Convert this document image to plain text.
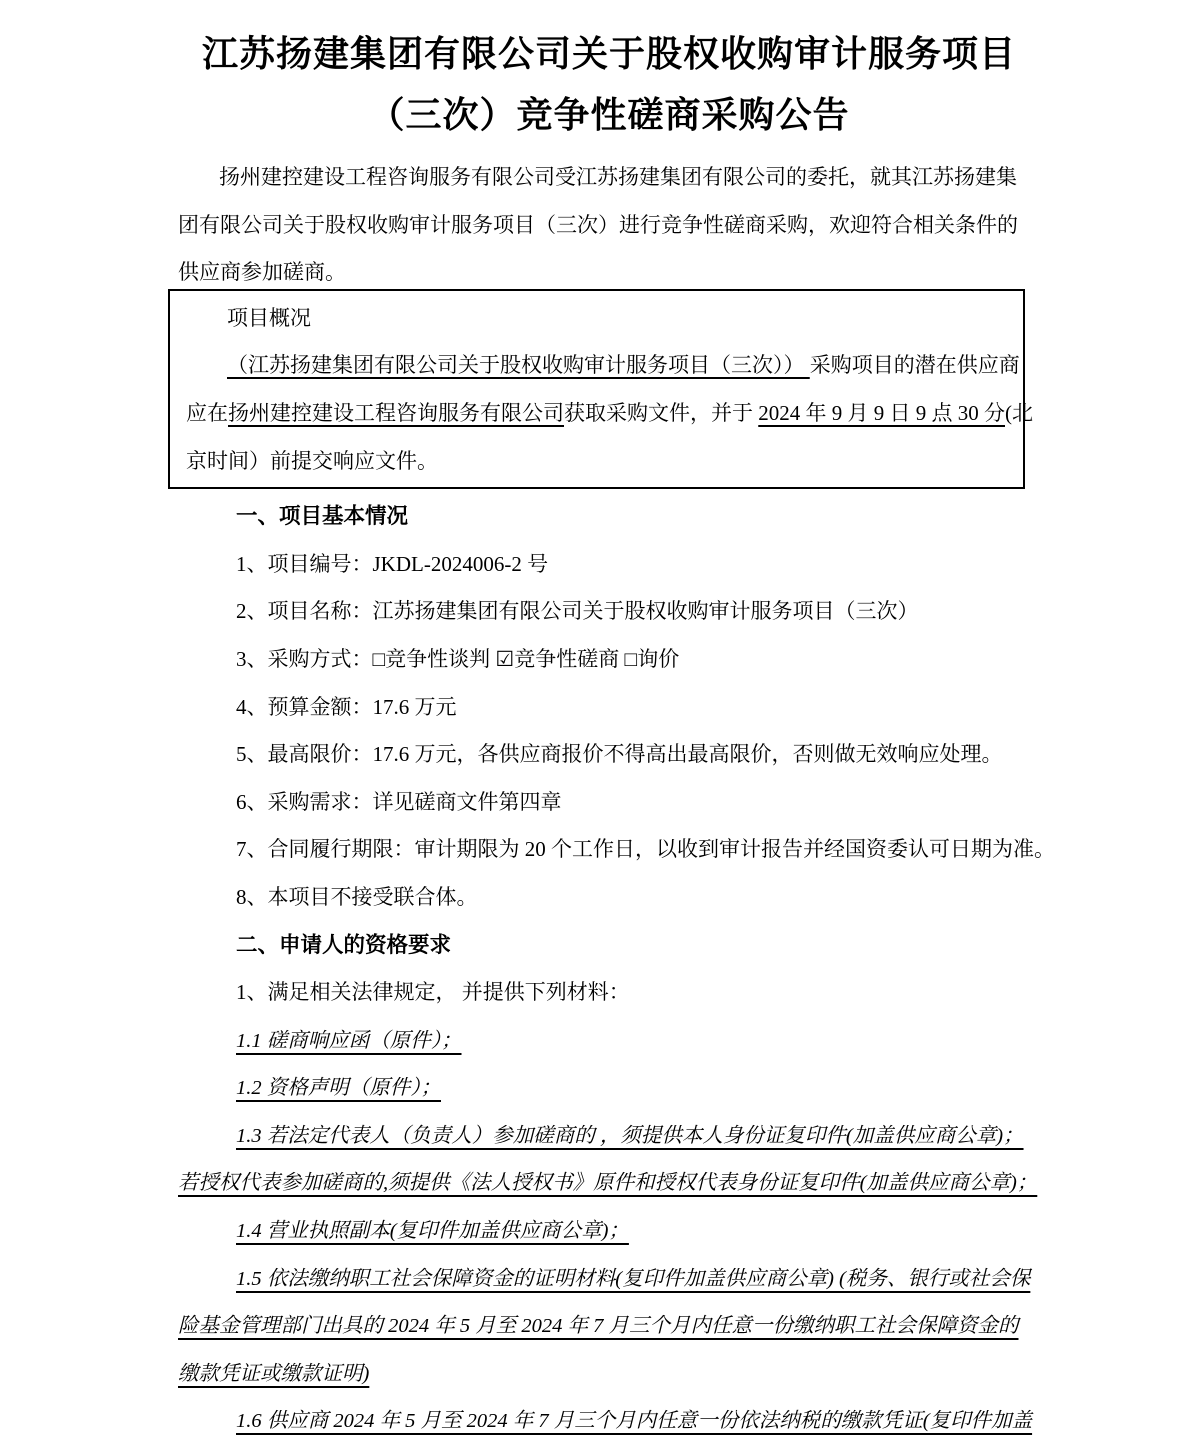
江苏扬建集团有限公司关于股权收购审计服务项目
（三次）竞争性磋商采购公告
扬州建控建设工程咨询服务有限公司受江苏扬建集团有限公司的委托，就其江苏扬建集
团有限公司关于股权收购审计服务项目（三次）进行竞争性磋商采购，欢迎符合相关条件的
供应商参加磋商。
项目概况
（江苏扬建集团有限公司关于股权收购审计服务项目（三次）） 采购项目的潜在供应商
应在扬州建控建设工程咨询服务有限公司获取采购文件，并于 2024 年 9 月 9 日 9 点 30 分(北
京时间）前提交响应文件。
一、项目基本情况
1、项目编号：JKDL-2024006-2 号
2、项目名称：江苏扬建集团有限公司关于股权收购审计服务项目（三次）
3、采购方式：□竞争性谈判 ☑竞争性磋商 □询价
4、预算金额：17.6 万元
5、最高限价：17.6 万元，各供应商报价不得高出最高限价，否则做无效响应处理。
6、采购需求：详见磋商文件第四章
7、合同履行期限：审计期限为 20 个工作日，以收到审计报告并经国资委认可日期为准。
8、本项目不接受联合体。
二、申请人的资格要求
1、满足相关法律规定， 并提供下列材料：
1.1 磋商响应函（原件）；
1.2 资格声明（原件）；
1.3 若法定代表人（负责人）参加磋商的 ，须提供本人身份证复印件(加盖供应商公章)；
若授权代表参加磋商的,须提供《法人授权书》原件和授权代表身份证复印件(加盖供应商公章)；
1.4 营业执照副本(复印件加盖供应商公章)；
1.5 依法缴纳职工社会保障资金的证明材料(复印件加盖供应商公章) (税务、银行或社会保
险基金管理部门出具的 2024 年 5 月至 2024 年 7 月三个月内任意一份缴纳职工社会保障资金的
缴款凭证或缴款证明)
1.6 供应商 2024 年 5 月至 2024 年 7 月三个月内任意一份依法纳税的缴款凭证(复印件加盖
